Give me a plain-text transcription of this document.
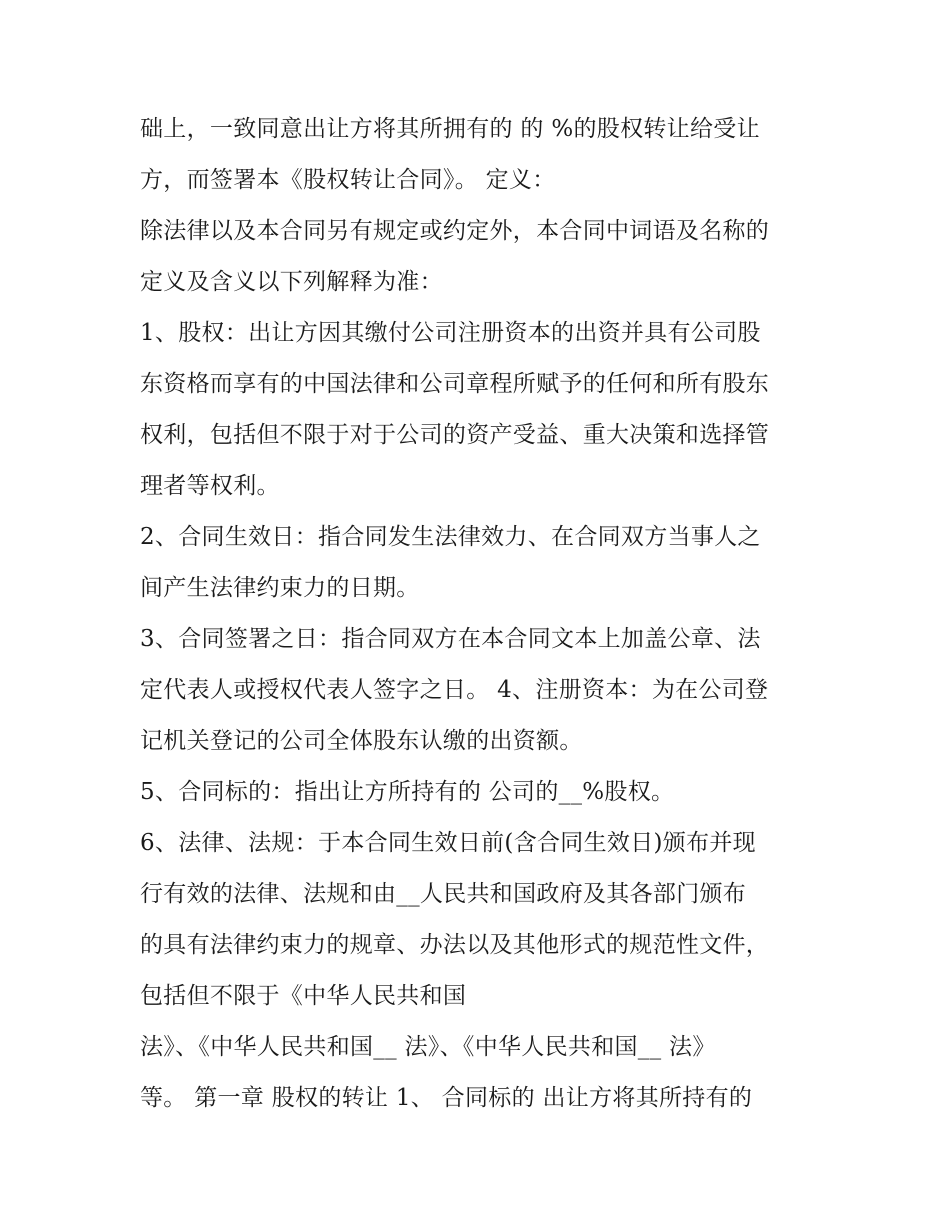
础上，一致同意出让方将其所拥有的 的 %的股权转让给受让
方，而签署本《股权转让合同》。 定义：
除法律以及本合同另有规定或约定外，本合同中词语及名称的
定义及含义以下列解释为准：
1、股权：出让方因其缴付公司注册资本的出资并具有公司股
东资格而享有的中国法律和公司章程所赋予的任何和所有股东
权利，包括但不限于对于公司的资产受益、重大决策和选择管
理者等权利。
2、合同生效日：指合同发生法律效力、在合同双方当事人之
间产生法律约束力的日期。
3、合同签署之日：指合同双方在本合同文本上加盖公章、法
定代表人或授权代表人签字之日。 4、注册资本：为在公司登
记机关登记的公司全体股东认缴的出资额。
5、合同标的：指出让方所持有的 公司的__%股权。
6、法律、法规：于本合同生效日前(含合同生效日)颁布并现
行有效的法律、法规和由__人民共和国政府及其各部门颁布
的具有法律约束力的规章、办法以及其他形式的规范性文件，
包括但不限于《中华人民共和国
法》、《中华人民共和国__ 法》、《中华人民共和国__ 法》
等。 第一章 股权的转让 1、 合同标的 出让方将其所持有的
